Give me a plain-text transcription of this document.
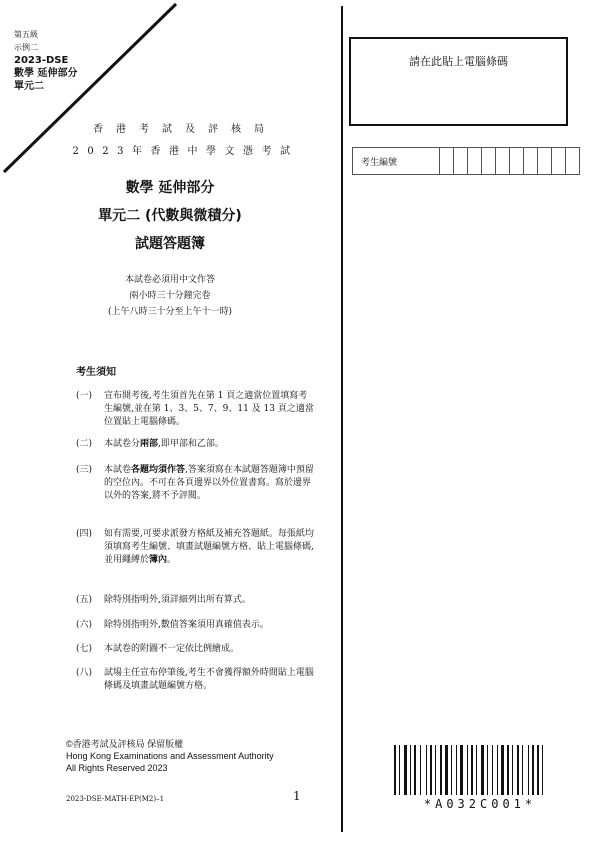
第五級
示例二
2023-DSE
數學 延伸部分
單元二
香港考試及評核局
2023年香港中學文憑考試
數學 延伸部分
單元二 (代數與微積分)
試題答題簿
本試卷必須用中文作答
兩小時三十分鐘完卷
(上午八時三十分至上午十一時)
考生須知
(一) 宣布開考後,考生須首先在第 1 頁之適當位置填寫考生編號,並在第 1、3、5、7、9、11 及 13 頁之適當位置貼上電腦條碼。
(二) 本試卷分兩部,即甲部和乙部。
(三) 本試卷各題均須作答,答案須寫在本試題答題簿中預留的空位內。不可在各頁邊界以外位置書寫。寫於邊界以外的答案,將不予評閱。
(四) 如有需要,可要求派發方格紙及補充答題紙。每張紙均須填寫考生編號、填畫試題編號方格、貼上電腦條碼,並用繩縛於簿內。
(五) 除特別指明外,須詳細列出所有算式。
(六) 除特別指明外,數值答案須用真確值表示。
(七) 本試卷的附圖不一定依比例繪成。
(八) 試場主任宣布停筆後,考生不會獲得額外時間貼上電腦條碼及填畫試題編號方格。
請在此貼上電腦條碼
考生編號										
©香港考試及評核局 保留版權
Hong Kong Examinations and Assessment Authority
All Rights Reserved 2023
2023-DSE-MATH-EP(M2)–1	1
*A032C001*
